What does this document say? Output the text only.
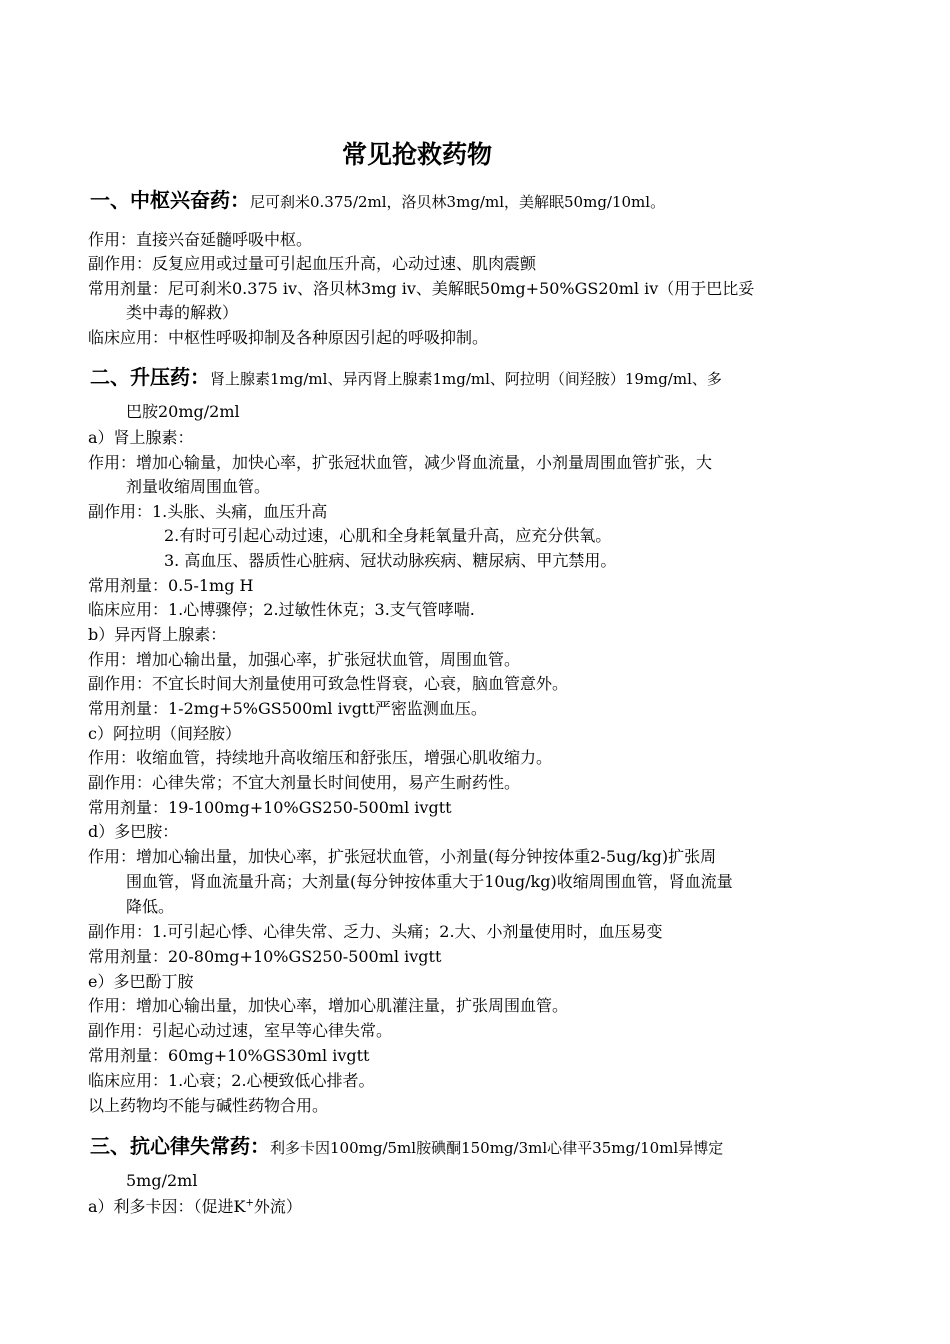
常见抢救药物
一、中枢兴奋药：尼可刹米0.375/2ml，洛贝林3mg/ml，美解眠50mg/10ml。
作用：直接兴奋延髓呼吸中枢。
副作用：反复应用或过量可引起血压升高，心动过速、肌肉震颤
常用剂量：尼可刹米0.375 iv、洛贝林3mg iv、美解眠50mg+50%GS20ml iv（用于巴比妥
类中毒的解救）
临床应用：中枢性呼吸抑制及各种原因引起的呼吸抑制。
二、升压药：肾上腺素1mg/ml、异丙肾上腺素1mg/ml、阿拉明（间羟胺）19mg/ml、多
巴胺20mg/2ml
a）肾上腺素：
作用：增加心输量，加快心率，扩张冠状血管，减少肾血流量，小剂量周围血管扩张，大
剂量收缩周围血管。
副作用：1.头胀、头痛，血压升高
2.有时可引起心动过速，心肌和全身耗氧量升高，应充分供氧。
3. 高血压、器质性心脏病、冠状动脉疾病、糖尿病、甲亢禁用。
常用剂量：0.5-1mg H
临床应用：1.心博骤停；2.过敏性休克；3.支气管哮喘.
b）异丙肾上腺素：
作用：增加心输出量，加强心率，扩张冠状血管，周围血管。
副作用：不宜长时间大剂量使用可致急性肾衰，心衰，脑血管意外。
常用剂量：1-2mg+5%GS500ml ivgtt严密监测血压。
c）阿拉明（间羟胺）
作用：收缩血管，持续地升高收缩压和舒张压，增强心肌收缩力。
副作用：心律失常；不宜大剂量长时间使用，易产生耐药性。
常用剂量：19-100mg+10%GS250-500ml ivgtt
d）多巴胺：
作用：增加心输出量，加快心率，扩张冠状血管，小剂量(每分钟按体重2-5ug/kg)扩张周
围血管，肾血流量升高；大剂量(每分钟按体重大于10ug/kg)收缩周围血管，肾血流量
降低。
副作用：1.可引起心悸、心律失常、乏力、头痛；2.大、小剂量使用时，血压易变
常用剂量：20-80mg+10%GS250-500ml ivgtt
e）多巴酚丁胺
作用：增加心输出量，加快心率，增加心肌灌注量，扩张周围血管。
副作用：引起心动过速，室早等心律失常。
常用剂量：60mg+10%GS30ml ivgtt
临床应用：1.心衰；2.心梗致低心排者。
以上药物均不能与碱性药物合用。
三、抗心律失常药：利多卡因100mg/5ml胺碘酮150mg/3ml心律平35mg/10ml异博定
5mg/2ml
a）利多卡因：（促进K+外流）
